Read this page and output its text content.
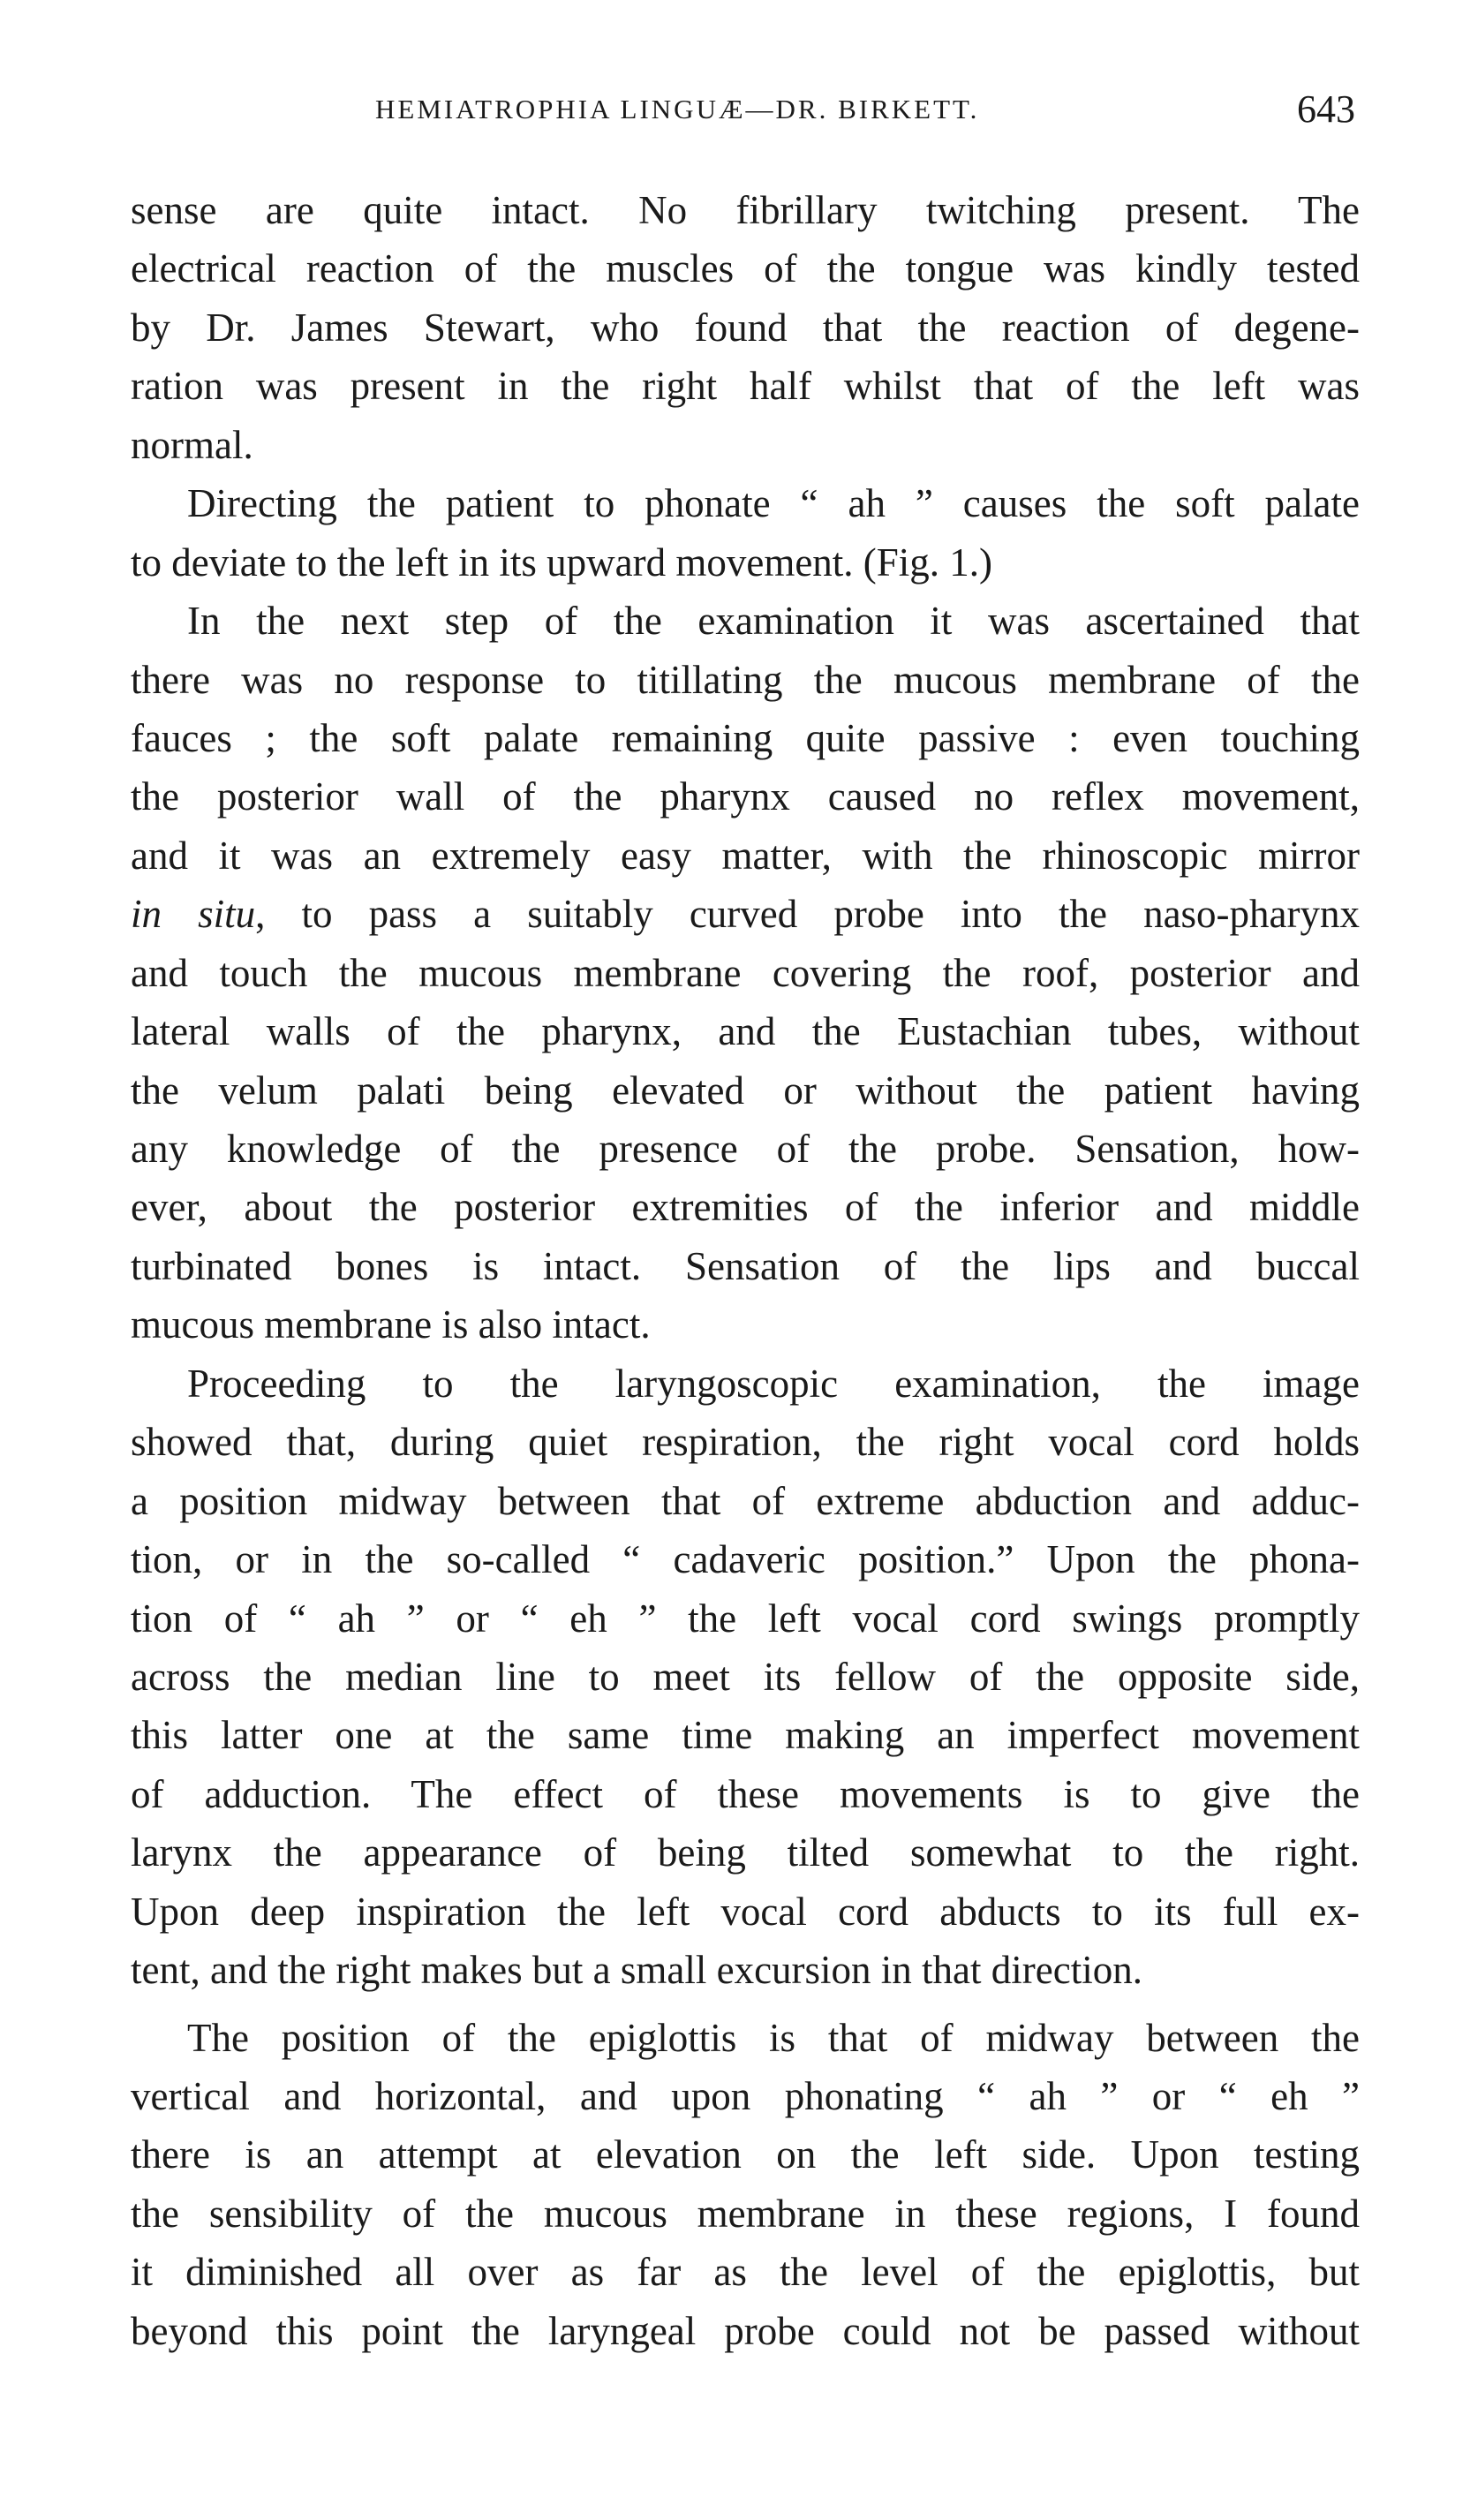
HEMIATROPHIA LINGUÆ—DR. BIRKETT.	643
sense are quite intact. No fibrillary twitching present. The
electrical reaction of the muscles of the tongue was kindly tested
by Dr. James Stewart, who found that the reaction of degene-
ration was present in the right half whilst that of the left was
normal.
Directing the patient to phonate “ ah ” causes the soft palate
to deviate to the left in its upward movement. (Fig. 1.)
In the next step of the examination it was ascertained that
there was no response to titillating the mucous membrane of the
fauces ; the soft palate remaining quite passive : even touching
the posterior wall of the pharynx caused no reflex movement,
and it was an extremely easy matter, with the rhinoscopic mirror
in situ, to pass a suitably curved probe into the naso-pharynx
and touch the mucous membrane covering the roof, posterior and
lateral walls of the pharynx, and the Eustachian tubes, without
the velum palati being elevated or without the patient having
any knowledge of the presence of the probe. Sensation, how-
ever, about the posterior extremities of the inferior and middle
turbinated bones is intact. Sensation of the lips and buccal
mucous membrane is also intact.
Proceeding to the laryngoscopic examination, the image
showed that, during quiet respiration, the right vocal cord holds
a position midway between that of extreme abduction and adduc-
tion, or in the so-called “ cadaveric position.” Upon the phona-
tion of “ ah ” or “ eh ” the left vocal cord swings promptly
across the median line to meet its fellow of the opposite side,
this latter one at the same time making an imperfect movement
of adduction. The effect of these movements is to give the
larynx the appearance of being tilted somewhat to the right.
Upon deep inspiration the left vocal cord abducts to its full ex-
tent, and the right makes but a small excursion in that direction.
The position of the epiglottis is that of midway between the
vertical and horizontal, and upon phonating “ ah ” or “ eh ”
there is an attempt at elevation on the left side. Upon testing
the sensibility of the mucous membrane in these regions, I found
it diminished all over as far as the level of the epiglottis, but
beyond this point the laryngeal probe could not be passed without
